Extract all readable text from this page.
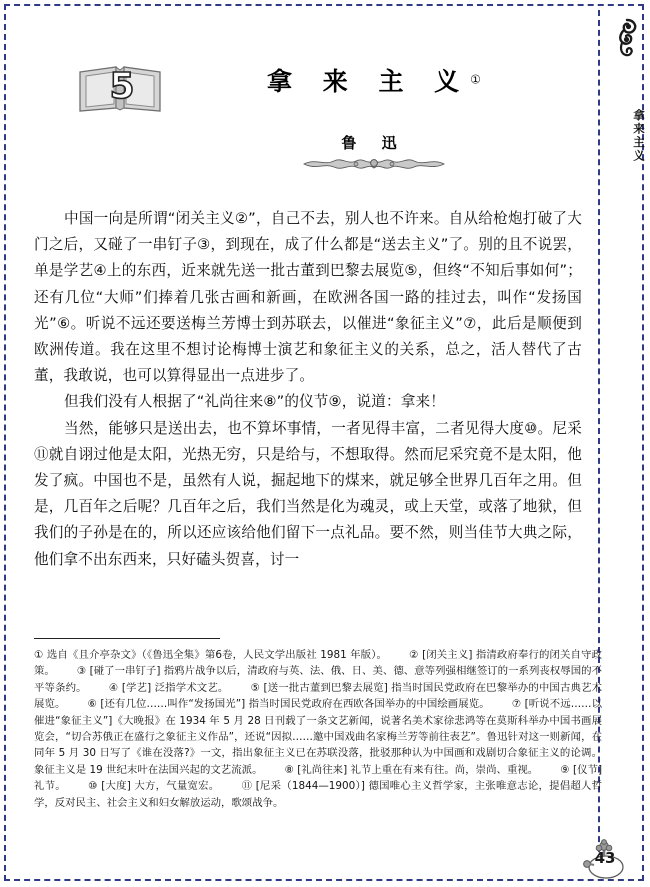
5	拿 来 主 义①
鲁 迅

中国一向是所谓“闭关主义②”，自己不去，别人也不许来。自从给枪炮打破了大门之后，又碰了一串钉子③，到现在，成了什么都是“送去主义”了。别的且不说罢，单是学艺④上的东西，近来就先送一批古董到巴黎去展览⑤，但终“不知后事如何”；还有几位“大师”们捧着几张古画和新画，在欧洲各国一路的挂过去，叫作“发扬国光”⑥。听说不远还要送梅兰芳博士到苏联去，以催进“象征主义”⑦，此后是顺便到欧洲传道。我在这里不想讨论梅博士演艺和象征主义的关系，总之，活人替代了古董，我敢说，也可以算得显出一点进步了。

但我们没有人根据了“礼尚往来⑧”的仪节⑨，说道：拿来！

当然，能够只是送出去，也不算坏事情，一者见得丰富，二者见得大度⑩。尼采⑪就自诩过他是太阳，光热无穷，只是给与，不想取得。然而尼采究竟不是太阳，他发了疯。中国也不是，虽然有人说，掘起地下的煤来，就足够全世界几百年之用。但是，几百年之后呢？几百年之后，我们当然是化为魂灵，或上天堂，或落了地狱，但我们的子孙是在的，所以还应该给他们留下一点礼品。要不然，则当佳节大典之际，他们拿不出东西来，只好磕头贺喜，讨一

① 选自《且介亭杂文》（《鲁迅全集》第6卷，人民文学出版社 1981 年版）。 ② [闭关主义] 指清政府奉行的闭关自守政策。 ③ [碰了一串钉子] 指鸦片战争以后，清政府与英、法、俄、日、美、德、意等列强相继签订的一系列丧权辱国的不平等条约。 ④ [学艺] 泛指学术文艺。 ⑤ [送一批古董到巴黎去展览] 指当时国民党政府在巴黎举办的中国古典艺术展览。 ⑥ [还有几位……叫作“发扬国光”] 指当时国民党政府在西欧各国举办的中国绘画展览。 ⑦ [听说不远……以催进“象征主义”]《大晚报》在 1934 年 5 月 28 日刊载了一条文艺新闻，说著名美术家徐悲鸿等在莫斯科举办中国书画展览会，“切合苏俄正在盛行之象征主义作品”，还说“因拟……邀中国戏曲名家梅兰芳等前往表艺”。鲁迅针对这一则新闻，在同年 5 月 30 日写了《谁在没落?》一文，指出象征主义已在苏联没落，批驳那种认为中国画和戏剧切合象征主义的论调。象征主义是 19 世纪末叶在法国兴起的文艺流派。 ⑧ [礼尚往来] 礼节上重在有来有往。尚，崇尚、重视。 ⑨ [仪节] 礼节。 ⑩ [大度] 大方，气量宽宏。 ⑪ [尼采（1844—1900）] 德国唯心主义哲学家，主张唯意志论，提倡超人哲学，反对民主、社会主义和妇女解放运动，歌颂战争。
拿来主义
43
